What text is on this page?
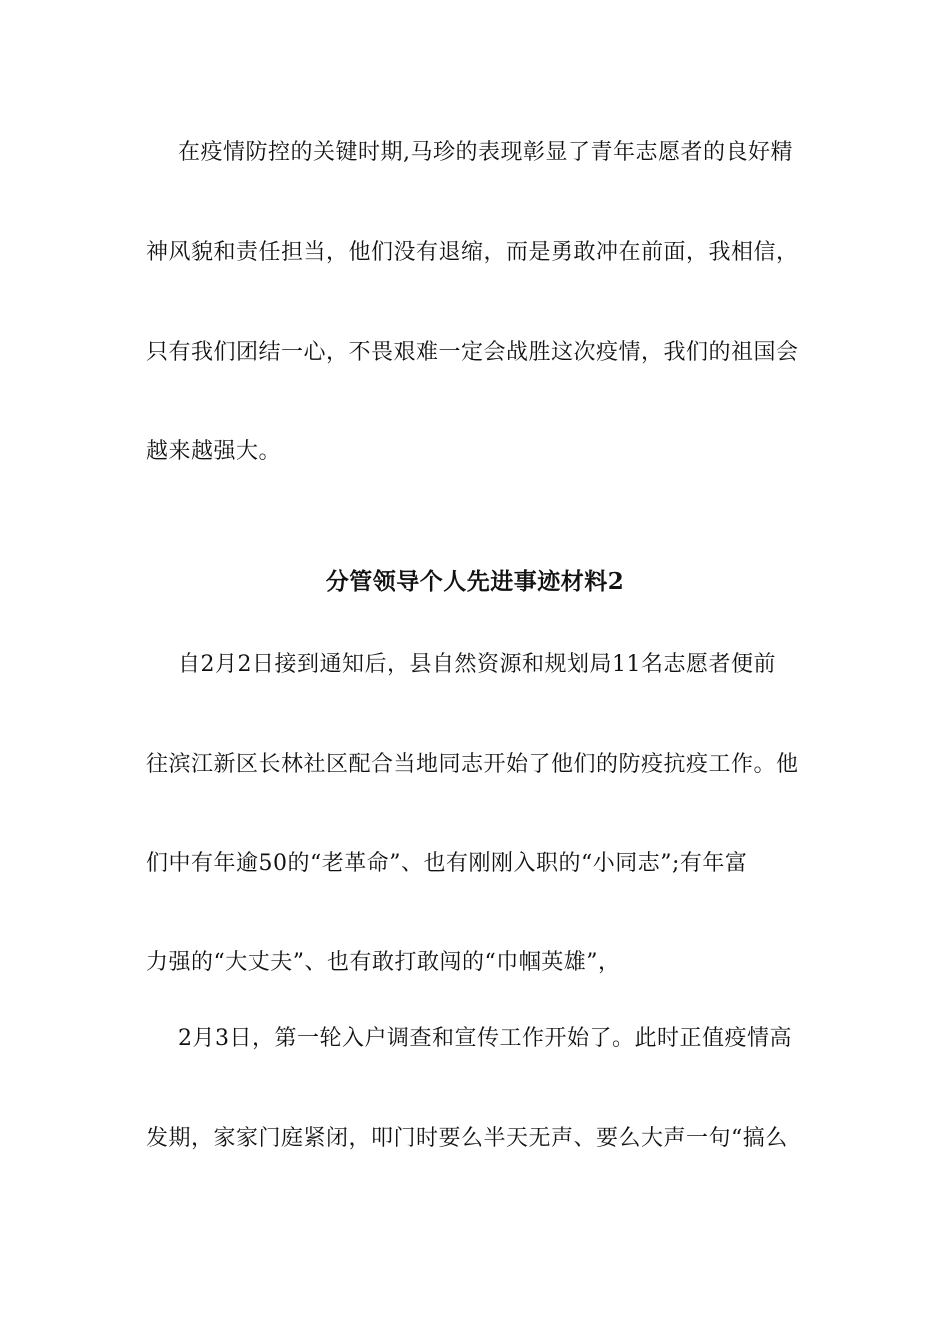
在疫情防控的关键时期,马珍的表现彰显了青年志愿者的良好精
神风貌和责任担当，他们没有退缩，而是勇敢冲在前面，我相信，
只有我们团结一心，不畏艰难一定会战胜这次疫情，我们的祖国会
越来越强大。
分管领导个人先进事迹材料2
自2月2日接到通知后，县自然资源和规划局11名志愿者便前
往滨江新区长林社区配合当地同志开始了他们的防疫抗疫工作。他
们中有年逾50的“老革命”、也有刚刚入职的“小同志”;有年富
力强的“大丈夫”、也有敢打敢闯的“巾帼英雄”，
2月3日，第一轮入户调查和宣传工作开始了。此时正值疫情高
发期，家家门庭紧闭，叩门时要么半天无声、要么大声一句“搞么
